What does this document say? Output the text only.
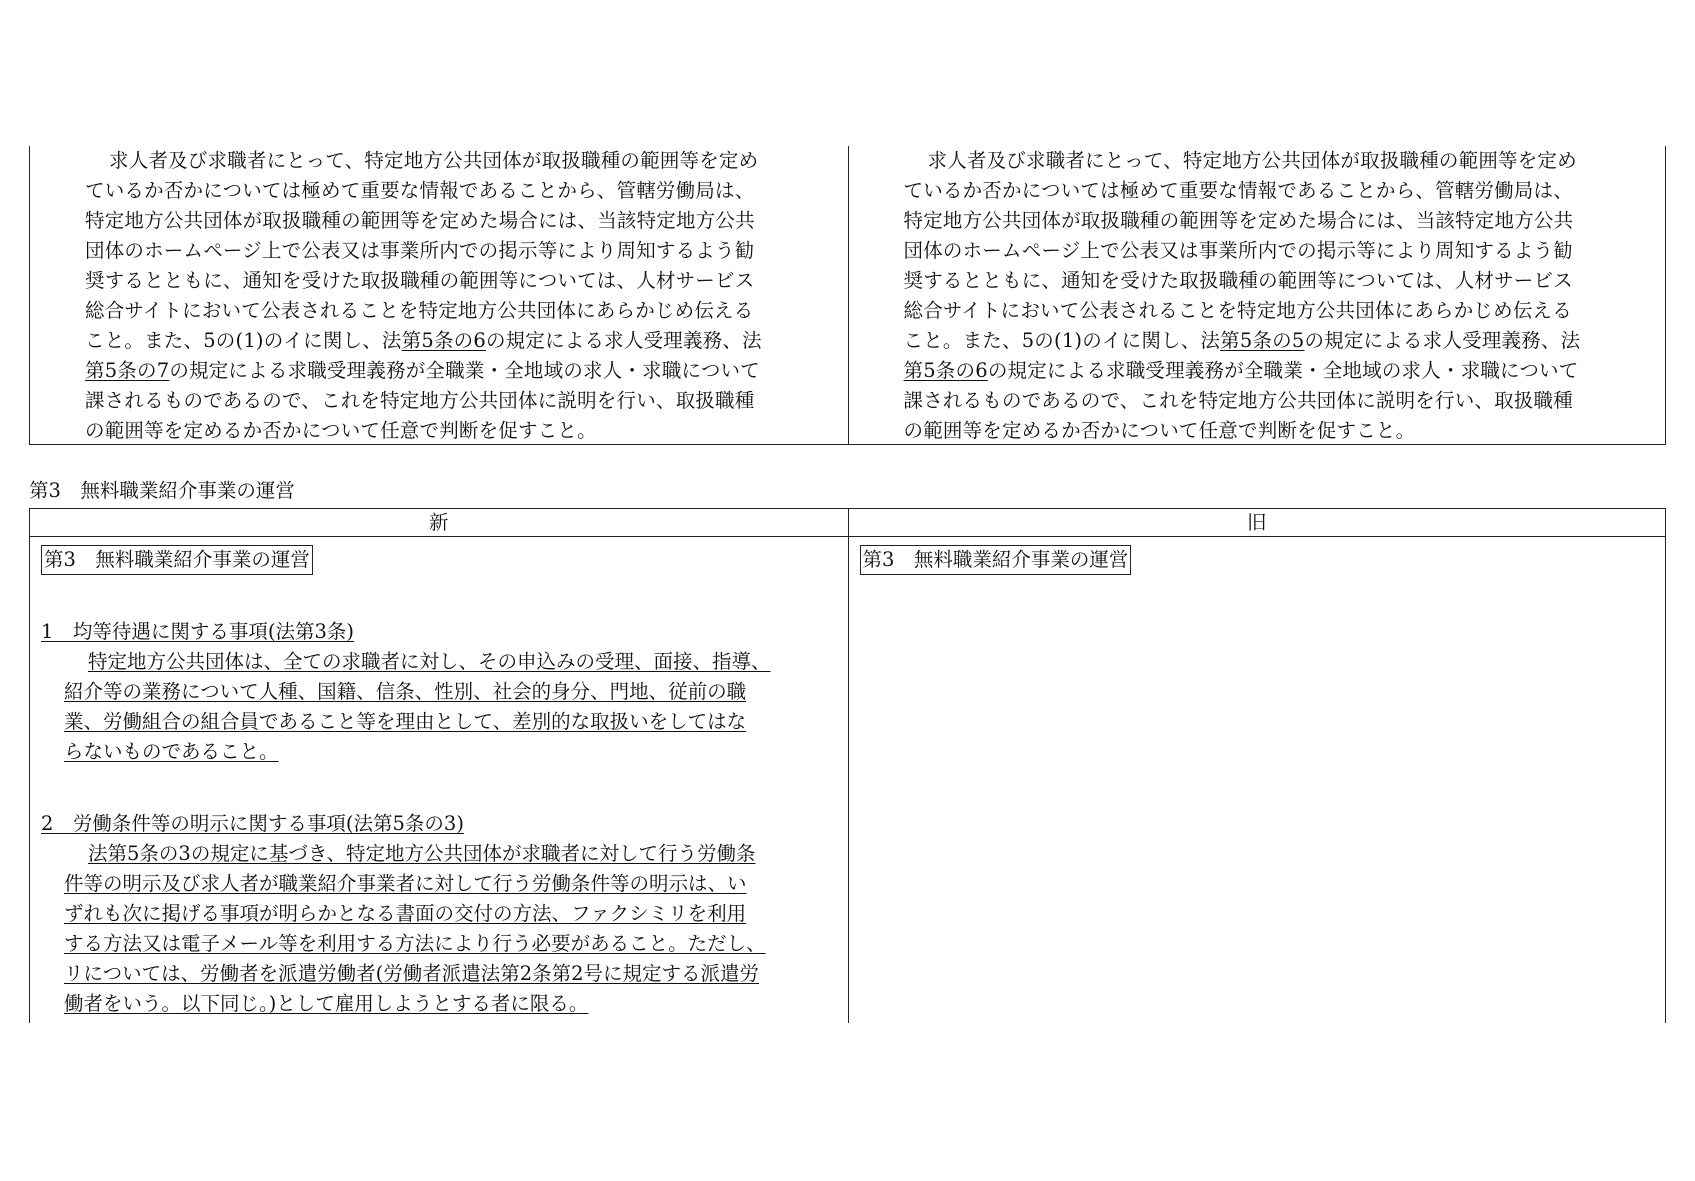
求人者及び求職者にとって、特定地方公共団体が取扱職種の範囲等を定め
ているか否かについては極めて重要な情報であることから、管轄労働局は、
特定地方公共団体が取扱職種の範囲等を定めた場合には、当該特定地方公共
団体のホームページ上で公表又は事業所内での掲示等により周知するよう勧
奨するとともに、通知を受けた取扱職種の範囲等については、人材サービス
総合サイトにおいて公表されることを特定地方公共団体にあらかじめ伝える
こと。また、5の(1)のイに関し、法第5条の6の規定による求人受理義務、法
第5条の7の規定による求職受理義務が全職業・全地域の求人・求職について
課されるものであるので、これを特定地方公共団体に説明を行い、取扱職種
の範囲等を定めるか否かについて任意で判断を促すこと。
求人者及び求職者にとって、特定地方公共団体が取扱職種の範囲等を定め
ているか否かについては極めて重要な情報であることから、管轄労働局は、
特定地方公共団体が取扱職種の範囲等を定めた場合には、当該特定地方公共
団体のホームページ上で公表又は事業所内での掲示等により周知するよう勧
奨するとともに、通知を受けた取扱職種の範囲等については、人材サービス
総合サイトにおいて公表されることを特定地方公共団体にあらかじめ伝える
こと。また、5の(1)のイに関し、法第5条の5の規定による求人受理義務、法
第5条の6の規定による求職受理義務が全職業・全地域の求人・求職について
課されるものであるので、これを特定地方公共団体に説明を行い、取扱職種
の範囲等を定めるか否かについて任意で判断を促すこと。
第3　無料職業紹介事業の運営
新	旧
第3　無料職業紹介事業の運営
1　均等待遇に関する事項(法第3条)
特定地方公共団体は、全ての求職者に対し、その申込みの受理、面接、指導、
紹介等の業務について人種、国籍、信条、性別、社会的身分、門地、従前の職
業、労働組合の組合員であること等を理由として、差別的な取扱いをしてはな
らないものであること。
2　労働条件等の明示に関する事項(法第5条の3)
法第5条の3の規定に基づき、特定地方公共団体が求職者に対して行う労働条
件等の明示及び求人者が職業紹介事業者に対して行う労働条件等の明示は、い
ずれも次に掲げる事項が明らかとなる書面の交付の方法、ファクシミリを利用
する方法又は電子メール等を利用する方法により行う必要があること。ただし、
リについては、労働者を派遣労働者(労働者派遣法第2条第2号に規定する派遣労
働者をいう。以下同じ。)として雇用しようとする者に限る。
第3　無料職業紹介事業の運営
